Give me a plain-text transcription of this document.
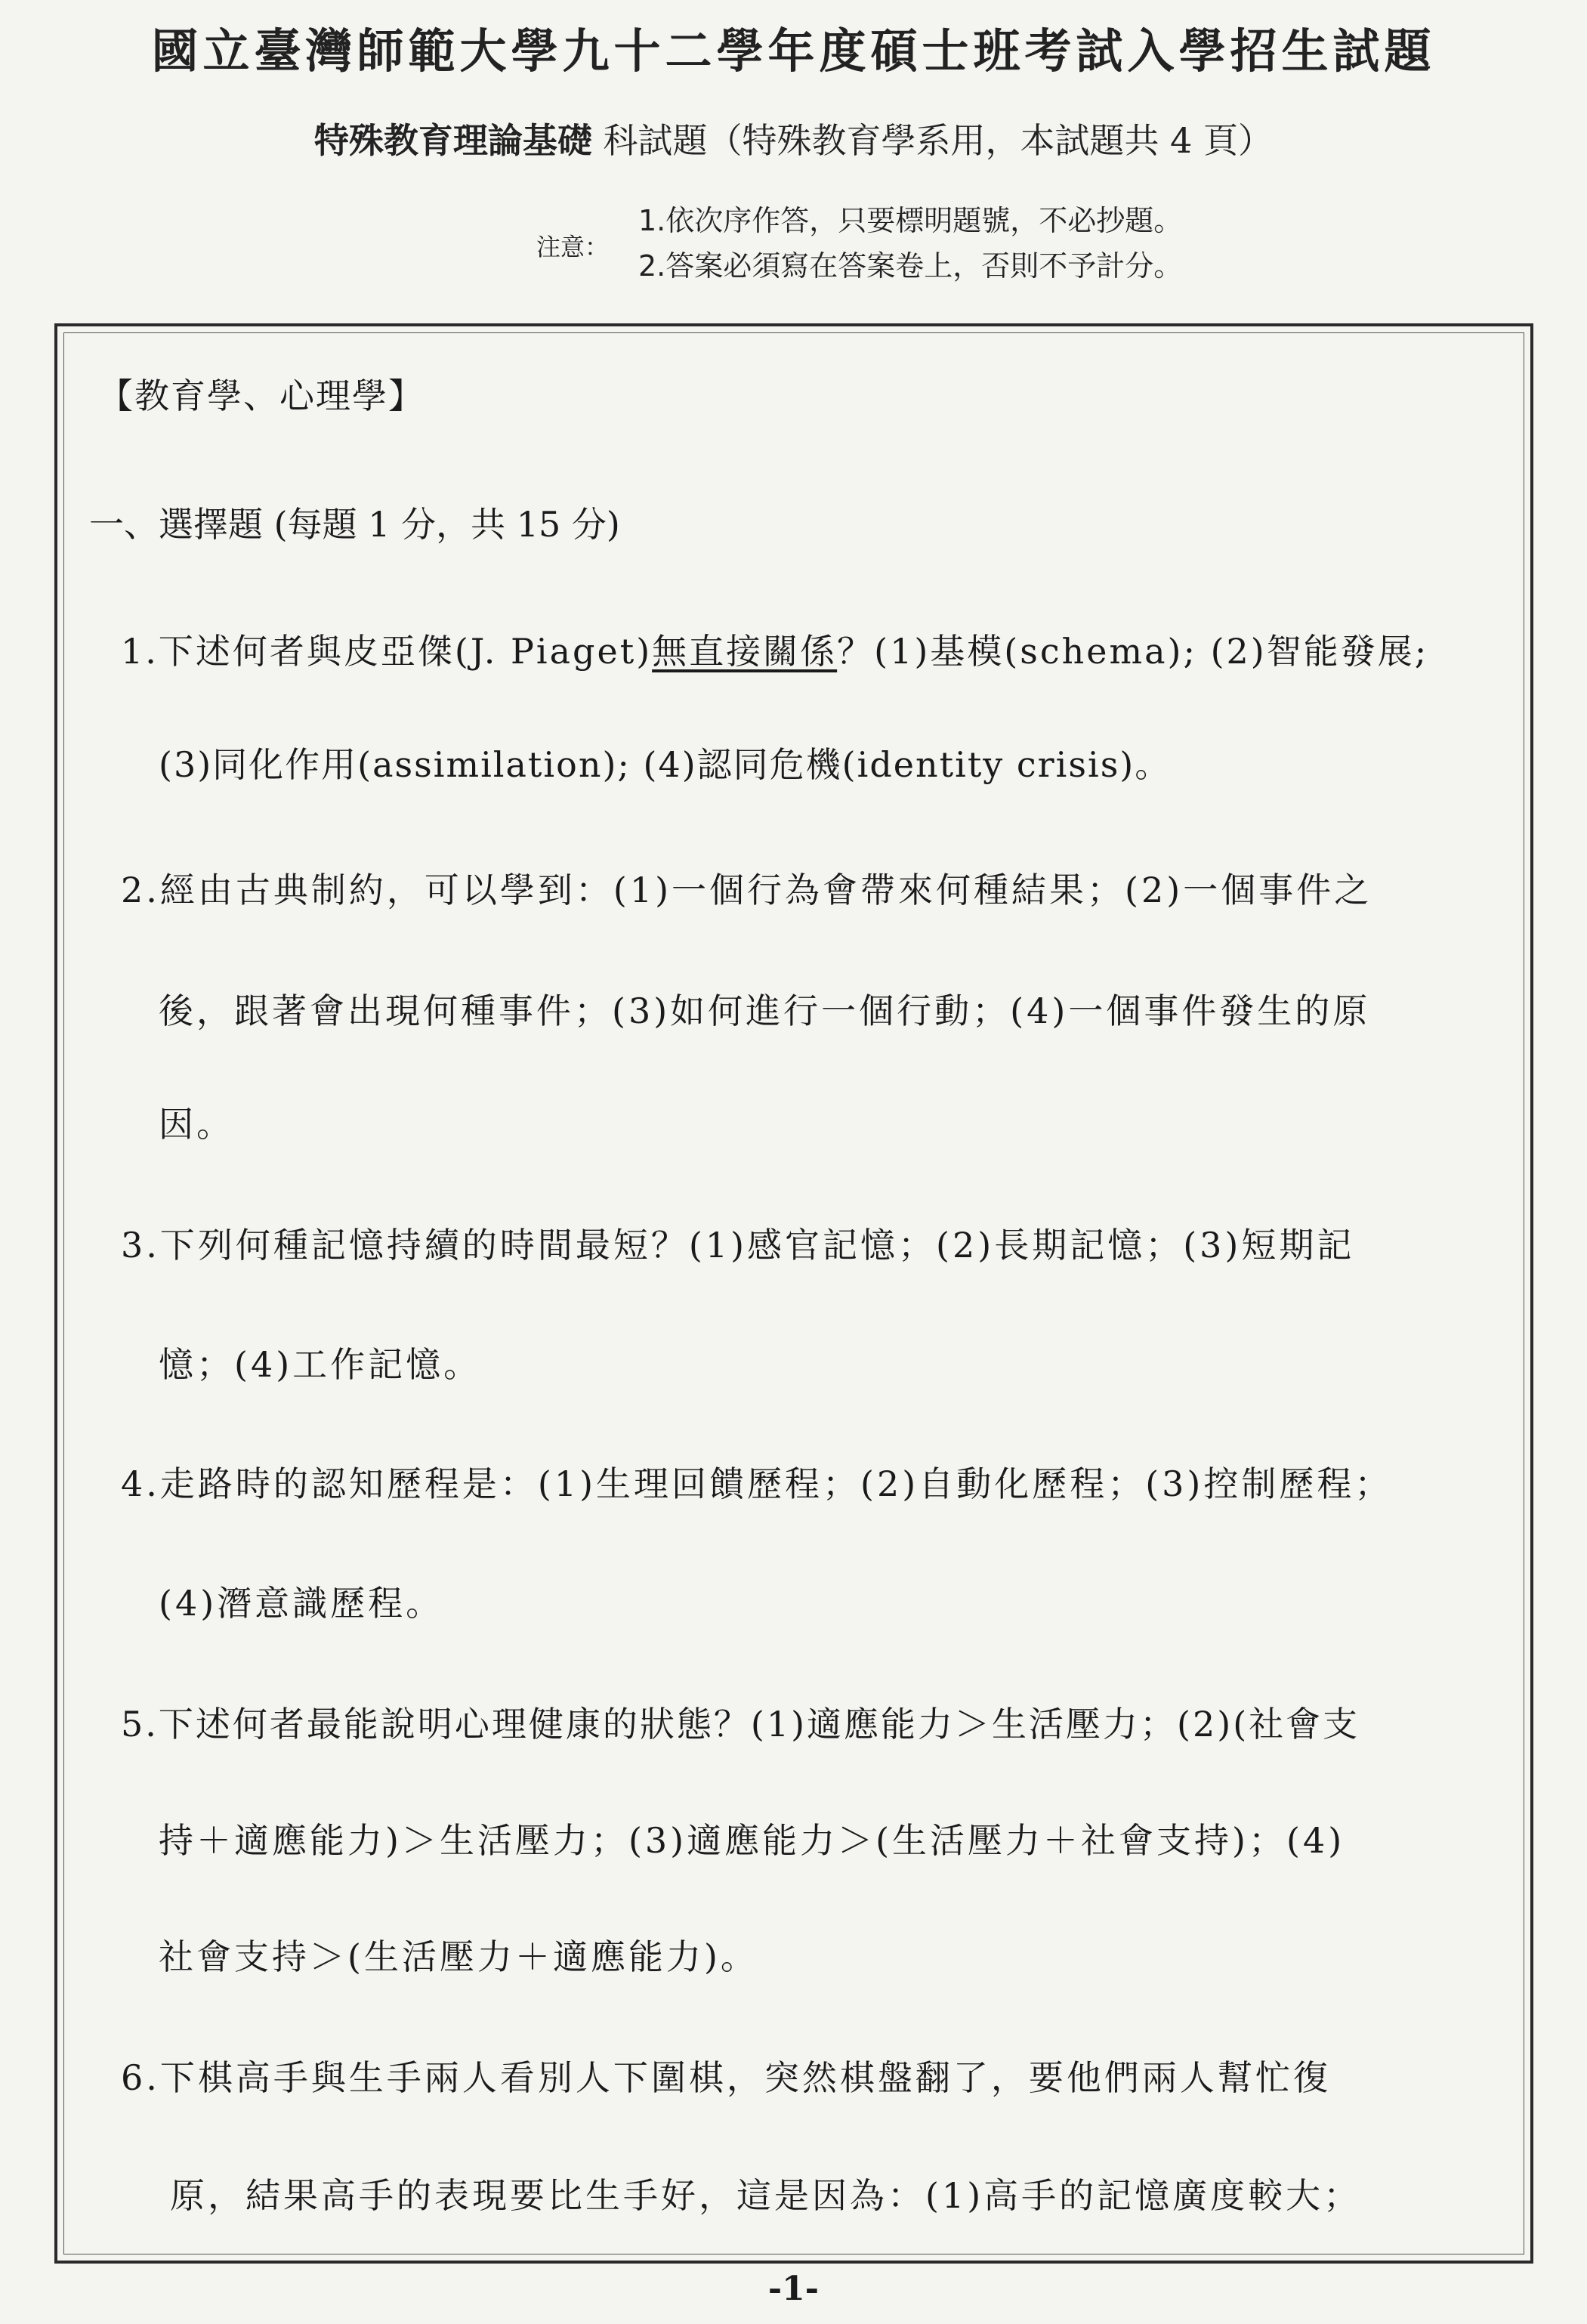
國立臺灣師範大學九十二學年度碩士班考試入學招生試題
特殊教育理論基礎 科試題（特殊教育學系用，本試題共 4 頁）
注意：
1.依次序作答，只要標明題號，不必抄題。
2.答案必須寫在答案卷上，否則不予計分。
【教育學、心理學】
一、選擇題 (每題 1 分，共 15 分)
1.下述何者與皮亞傑(J. Piaget)無直接關係？(1)基模(schema); (2)智能發展;
(3)同化作用(assimilation); (4)認同危機(identity crisis)。
2.經由古典制約，可以學到：(1)一個行為會帶來何種結果；(2)一個事件之
後，跟著會出現何種事件；(3)如何進行一個行動；(4)一個事件發生的原
因。
3.下列何種記憶持續的時間最短？(1)感官記憶；(2)長期記憶；(3)短期記
憶；(4)工作記憶。
4.走路時的認知歷程是：(1)生理回饋歷程；(2)自動化歷程；(3)控制歷程；
(4)潛意識歷程。
5.下述何者最能說明心理健康的狀態？(1)適應能力＞生活壓力；(2)(社會支
持＋適應能力)＞生活壓力；(3)適應能力＞(生活壓力＋社會支持)；(4)
社會支持＞(生活壓力＋適應能力)。
6.下棋高手與生手兩人看別人下圍棋，突然棋盤翻了，要他們兩人幫忙復
原，結果高手的表現要比生手好，這是因為：(1)高手的記憶廣度較大；
-1-
